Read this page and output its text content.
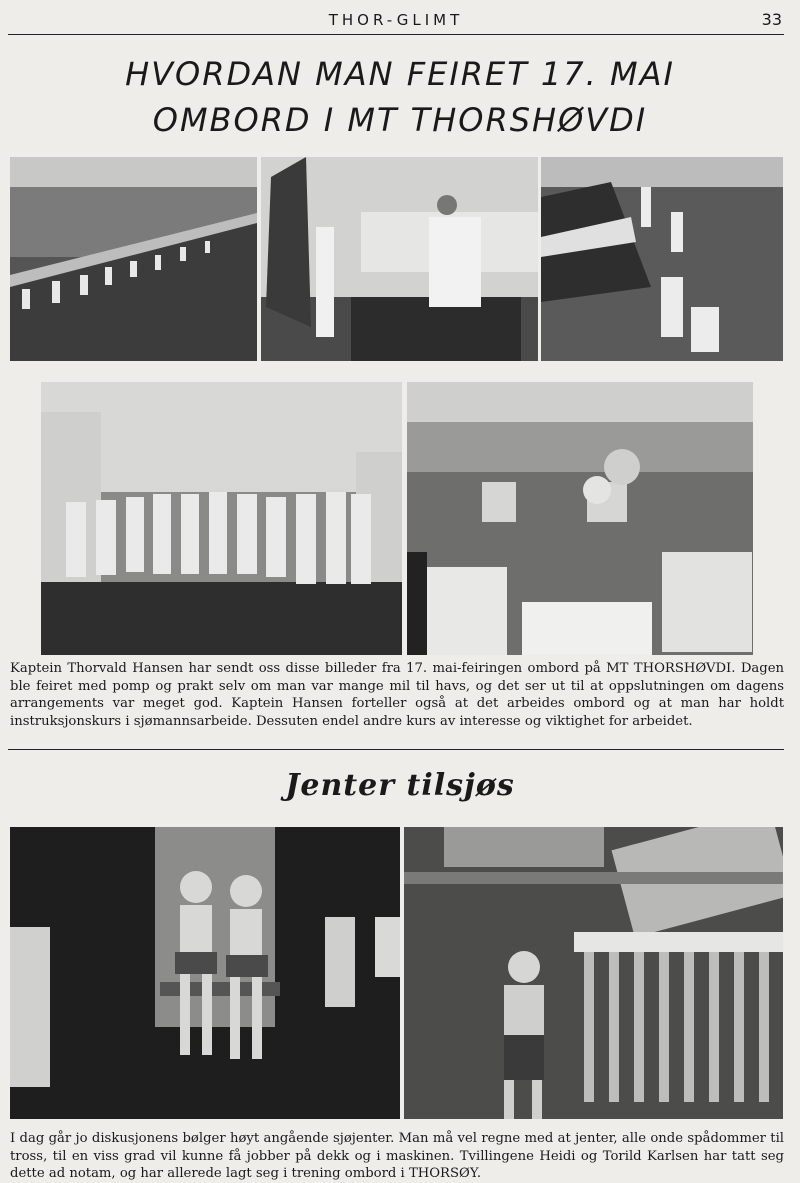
THOR-GLIMT	33
HVORDAN MAN FEIRET 17. MAI
OMBORD I MT THORSHØVDI
Kaptein Thorvald Hansen har sendt oss disse billeder fra 17. mai-feiringen ombord på MT THORSHØVDI. Dagen ble feiret med pomp og prakt selv om man var mange mil til havs, og det ser ut til at oppslutningen om dagens arrangements var meget god. Kaptein Hansen forteller også at det arbeides ombord og at man har holdt instruksjonskurs i sjømannsarbeide. Dessuten endel andre kurs av interesse og viktighet for arbeidet.
Jenter tilsjøs
I dag går jo diskusjonens bølger høyt angående sjøjenter. Man må vel regne med at jenter, alle onde spådommer til tross, til en viss grad vil kunne få jobber på dekk og i maskinen. Tvillingene Heidi og Torild Karlsen har tatt seg dette ad notam, og har allerede lagt seg i trening ombord i THORSØY.
